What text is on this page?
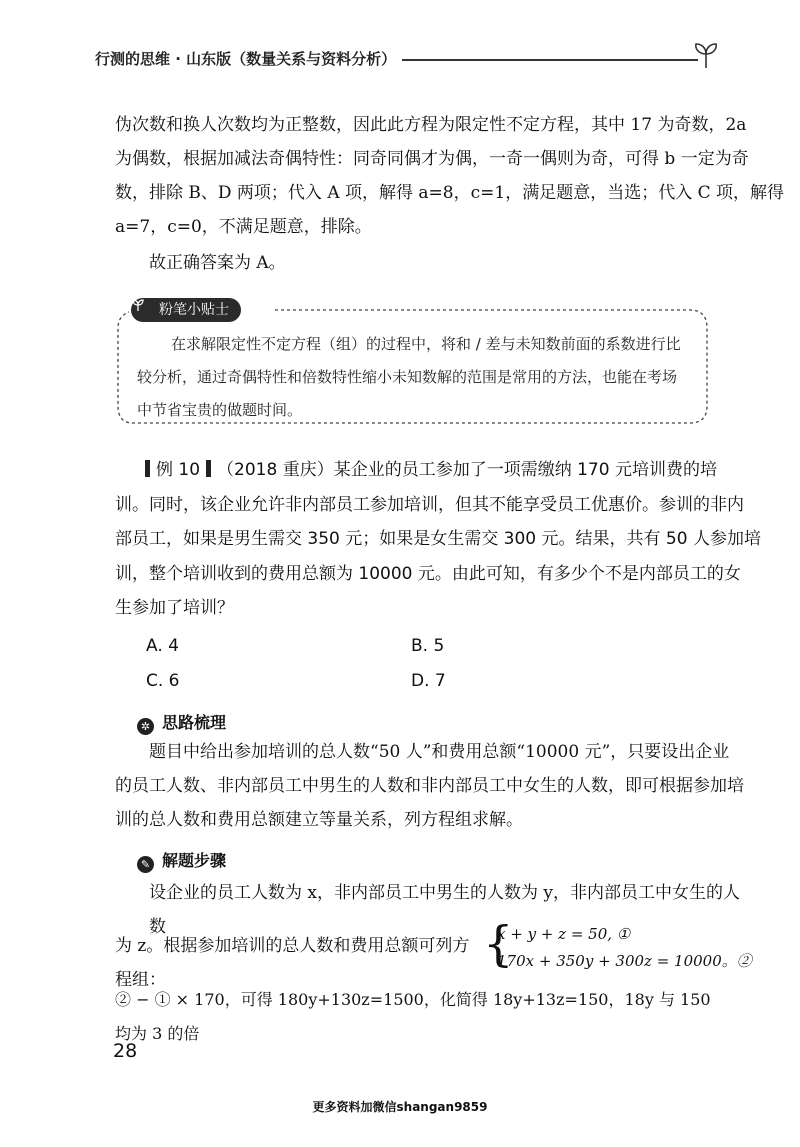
行测的思维 · 山东版（数量关系与资料分析）
伪次数和换人次数均为正整数，因此此方程为限定性不定方程，其中 17 为奇数，2a
为偶数，根据加减法奇偶特性：同奇同偶才为偶，一奇一偶则为奇，可得 b 一定为奇
数，排除 B、D 两项；代入 A 项，解得 a=8，c=1，满足题意，当选；代入 C 项，解得
a=7，c=0，不满足题意，排除。
故正确答案为 A。
粉笔小贴士
在求解限定性不定方程（组）的过程中，将和 / 差与未知数前面的系数进行比
较分析，通过奇偶特性和倍数特性缩小未知数解的范围是常用的方法，也能在考场
中节省宝贵的做题时间。
例 10 （2018 重庆）某企业的员工参加了一项需缴纳 170 元培训费的培
训。同时，该企业允许非内部员工参加培训，但其不能享受员工优惠价。参训的非内
部员工，如果是男生需交 350 元；如果是女生需交 300 元。结果，共有 50 人参加培
训，整个培训收到的费用总额为 10000 元。由此可知，有多少个不是内部员工的女
生参加了培训？
A. 4	B. 5
C. 6	D. 7
✲ 思路梳理
题目中给出参加培训的总人数“50 人”和费用总额“10000 元”，只要设出企业
的员工人数、非内部员工中男生的人数和非内部员工中女生的人数，即可根据参加培
训的总人数和费用总额建立等量关系，列方程组求解。
✎ 解题步骤
设企业的员工人数为 x，非内部员工中男生的人数为 y，非内部员工中女生的人数
为 z。根据参加培训的总人数和费用总额可列方程组：
{
x + y + z = 50, ①
170x + 350y + 300z = 10000。②
② − ① × 170，可得 180y+130z=1500，化简得 18y+13z=150，18y 与 150 均为 3 的倍
28
更多资料加微信shangan9859
